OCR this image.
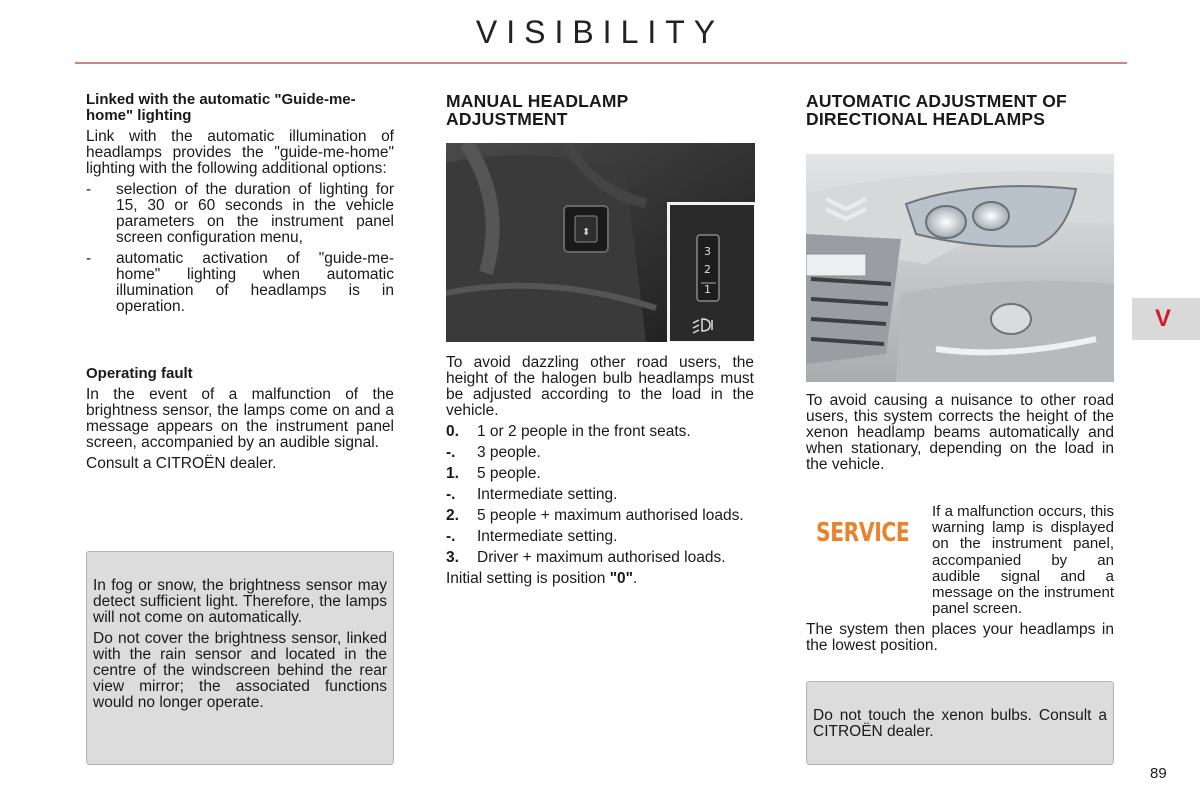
VISIBILITY
Linked with the automatic "Guide-me-home" lighting

Link with the automatic illumination of headlamps provides the "guide-me-home" lighting with the following additional options:

-	selection of the duration of lighting for 15, 30 or 60 seconds in the vehicle parameters on the instrument panel screen configuration menu,
-	automatic activation of "guide-me-home" lighting when automatic illumination of headlamps is in operation.
Operating fault

In the event of a malfunction of the brightness sensor, the lamps come on and a message appears on the instrument panel screen, accompanied by an audible signal.

Consult a CITROËN dealer.

In fog or snow, the brightness sensor may detect sufficient light. Therefore, the lamps will not come on automatically.

Do not cover the brightness sensor, linked with the rain sensor and located in the centre of the windscreen behind the rear view mirror; the associated functions would no longer operate.

MANUAL HEADLAMP ADJUSTMENT
⬍
3
2
1

To avoid dazzling other road users, the height of the halogen bulb headlamps must be adjusted according to the load in the vehicle.

0.	1 or 2 people in the front seats.
-.	3 people.
1.	5 people.
-.	Intermediate setting.
2.	5 people + maximum authorised loads.
-.	Intermediate setting.
3.	Driver + maximum authorised loads.

Initial setting is position "0".

AUTOMATIC ADJUSTMENT OF DIRECTIONAL HEADLAMPS

To avoid causing a nuisance to other road users, this system corrects the height of the xenon headlamp beams automatically and when stationary, depending on the load in the vehicle.

SERVICE
If a malfunction occurs, this warning lamp is displayed on the instrument panel, accompanied by an audible signal and a message on the instrument panel screen.

The system then places your headlamps in the lowest position.

Do not touch the xenon bulbs. Consult a CITROËN dealer.

V
89
